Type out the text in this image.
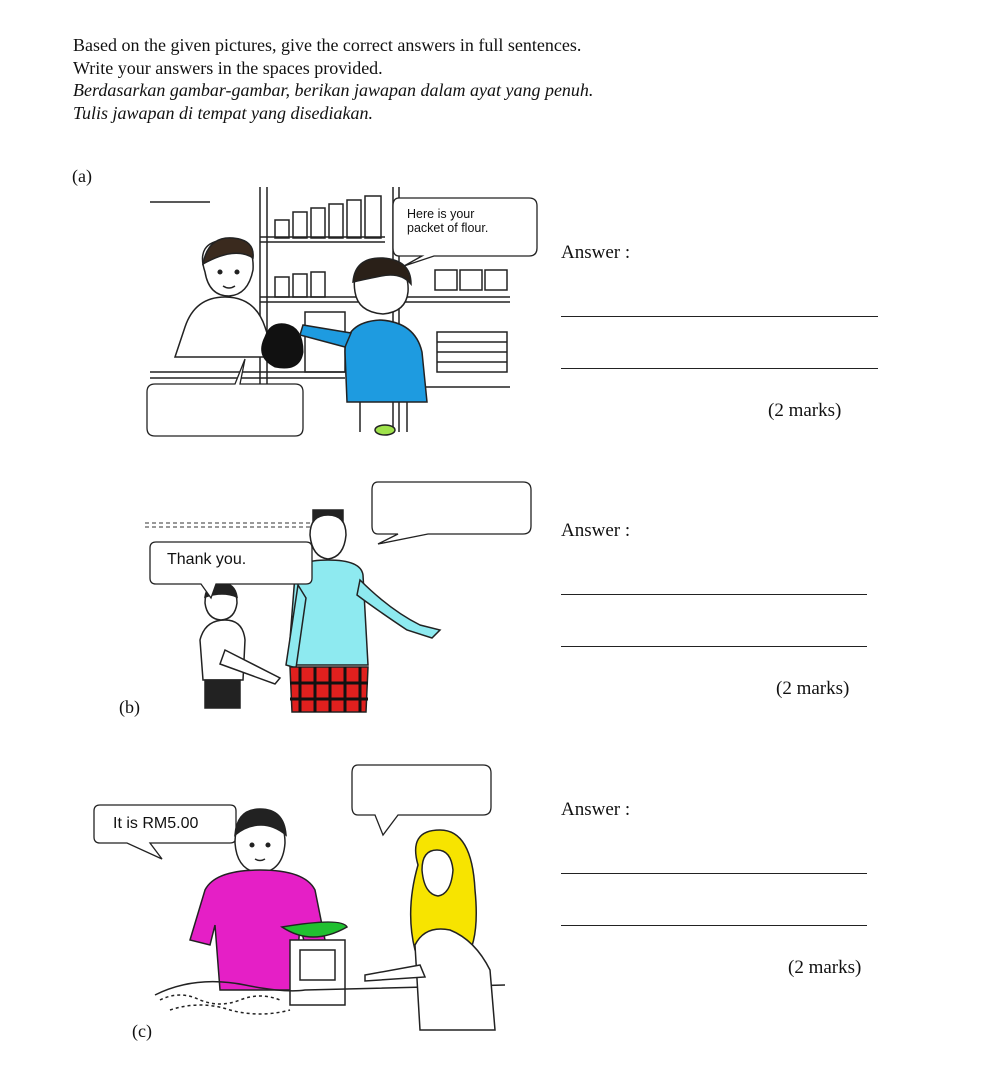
Based on the given pictures, give the correct answers in full sentences.
Write your answers in the spaces provided.
Berdasarkan gambar-gambar, berikan jawapan dalam ayat yang penuh.
Tulis jawapan di tempat yang disediakan.
(a)
Here is your
packet of flour.
Answer :
(2 marks)
Thank you.
(b)
Answer :
(2 marks)
It is RM5.00
(c)
Answer :
(2 marks)
